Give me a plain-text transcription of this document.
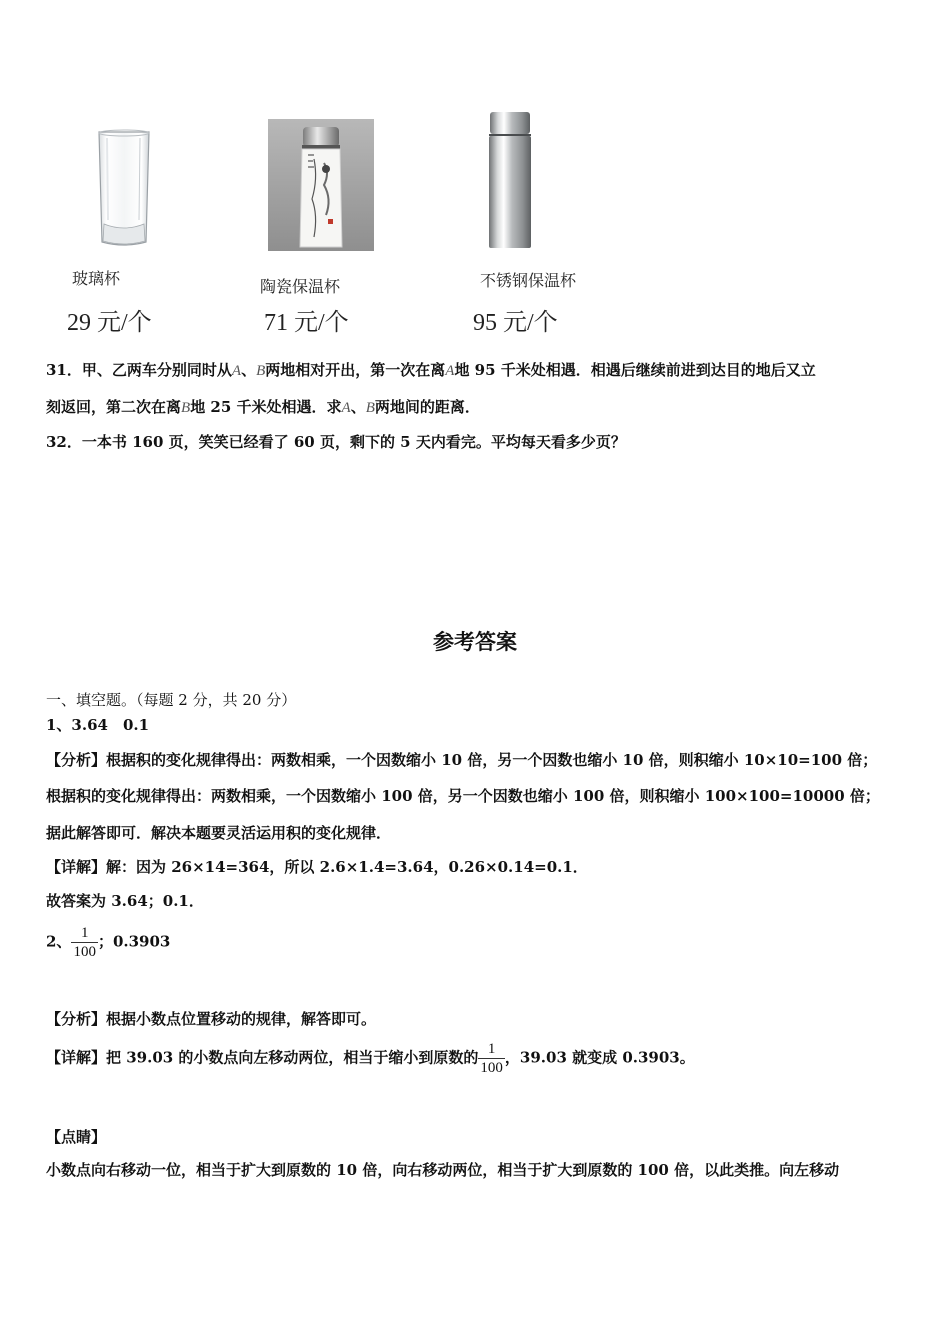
玻璃杯
29 元/个
陶瓷保温杯
71 元/个
不锈钢保温杯
95 元/个
31．甲、乙两车分别同时从A、B两地相对开出，第一次在离A地 95 千米处相遇．相遇后继续前进到达目的地后又立
刻返回，第二次在离B地 25 千米处相遇．求A、B两地间的距离．
32．一本书 160 页，笑笑已经看了 60 页，剩下的 5 天内看完。平均每天看多少页？
参考答案
一、填空题。（每题 2 分，共 20 分）
1、3.64　0.1
【分析】根据积的变化规律得出：两数相乘，一个因数缩小 10 倍，另一个因数也缩小 10 倍，则积缩小 10×10=100 倍；
根据积的变化规律得出：两数相乘，一个因数缩小 100 倍，另一个因数也缩小 100 倍，则积缩小 100×100=10000 倍；
据此解答即可．解决本题要灵活运用积的变化规律．
【详解】解：因为 26×14=364，所以 2.6×1.4=3.64，0.26×0.14=0.1．
故答案为 3.64；0.1．
2、 $\frac{1}{100}$ ；0.3903
【分析】根据小数点位置移动的规律，解答即可。
【详解】把 39.03 的小数点向左移动两位，相当于缩小到原数的 $\frac{1}{100}$ ，39.03 就变成 0.3903。
【点睛】
小数点向右移动一位，相当于扩大到原数的 10 倍，向右移动两位，相当于扩大到原数的 100 倍，以此类推。向左移动
